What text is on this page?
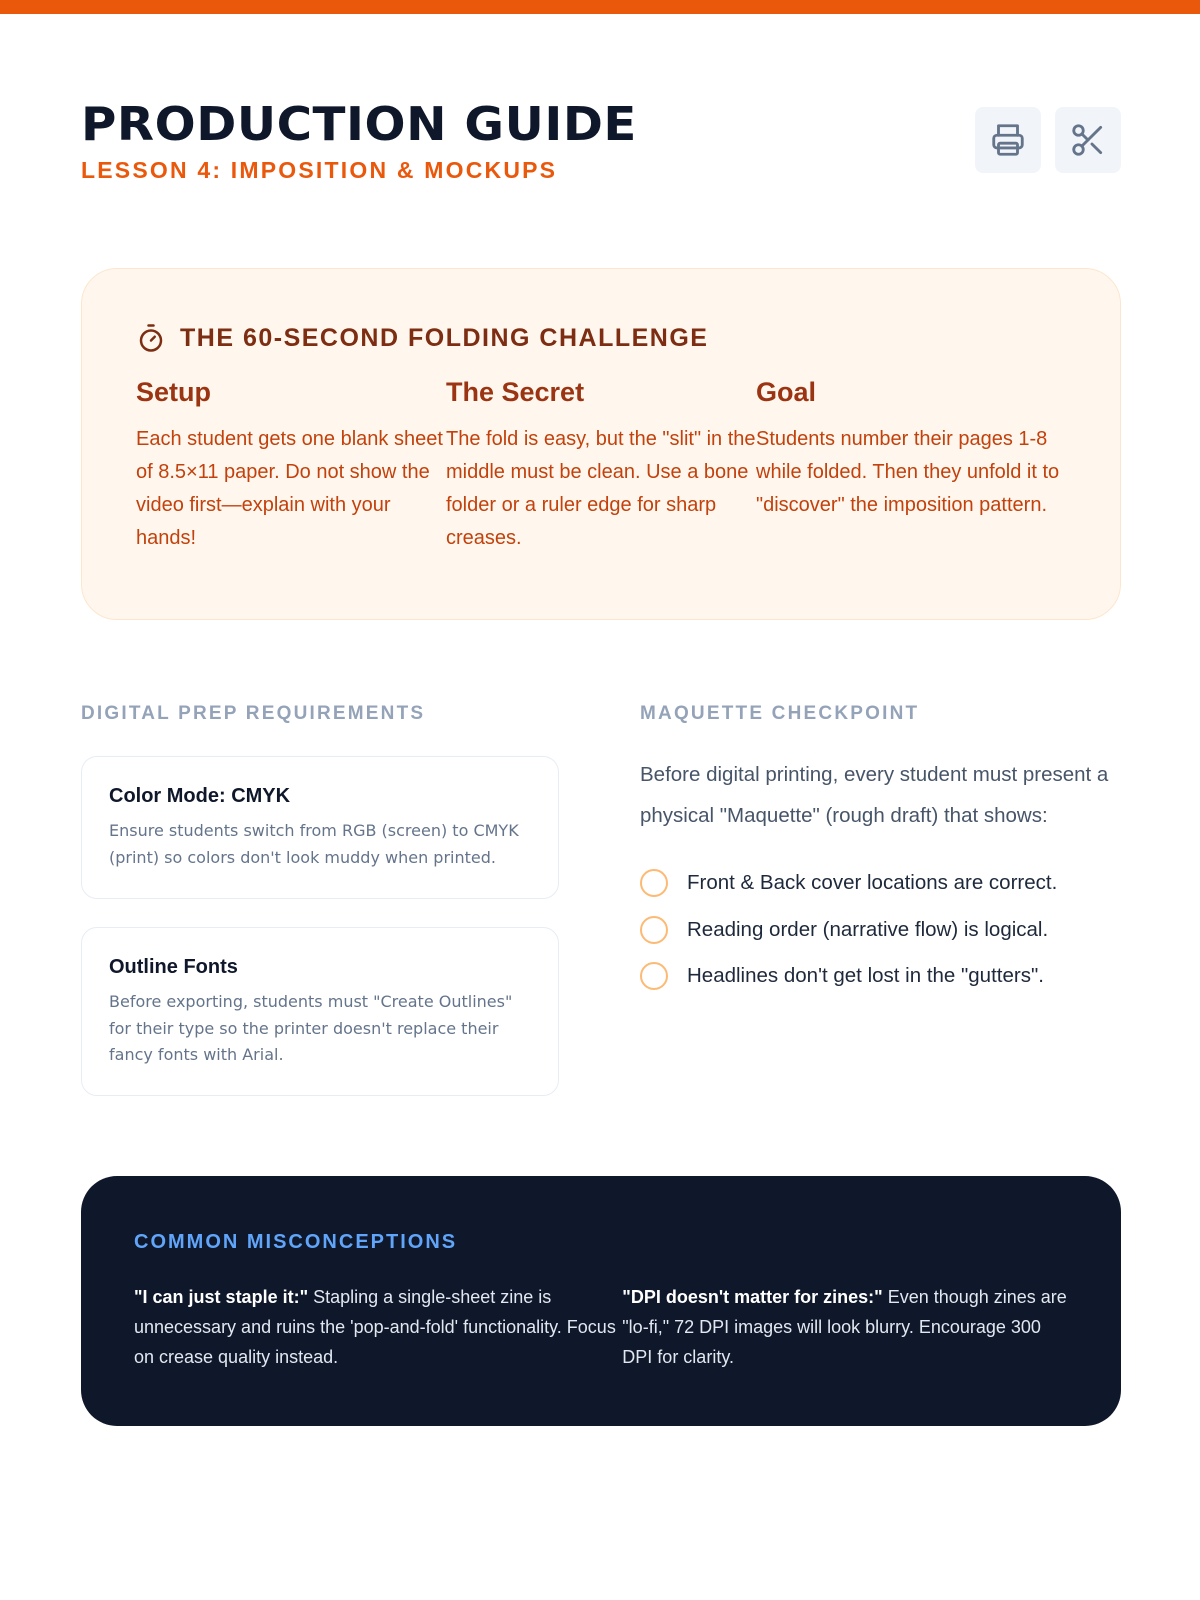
PRODUCTION GUIDE
LESSON 4: IMPOSITION & MOCKUPS
THE 60-SECOND FOLDING CHALLENGE
Setup

Each student gets one blank sheet of 8.5×11 paper. Do not show the video first—explain with your hands!

The Secret

The fold is easy, but the "slit" in the middle must be clean. Use a bone folder or a ruler edge for sharp creases.

Goal

Students number their pages 1-8 while folded. Then they unfold it to "discover" the imposition pattern.

DIGITAL PREP REQUIREMENTS
Color Mode: CMYK

Ensure students switch from RGB (screen) to CMYK (print) so colors don't look muddy when printed.

Outline Fonts

Before exporting, students must "Create Outlines" for their type so the printer doesn't replace their fancy fonts with Arial.

MAQUETTE CHECKPOINT

Before digital printing, every student must present a physical "Maquette" (rough draft) that shows:

Front & Back cover locations are correct.
Reading order (narrative flow) is logical.
Headlines don't get lost in the "gutters".
COMMON MISCONCEPTIONS

"I can just staple it:" Stapling a single-sheet zine is unnecessary and ruins the 'pop-and-fold' functionality. Focus on crease quality instead.

"DPI doesn't matter for zines:" Even though zines are "lo-fi," 72 DPI images will look blurry. Encourage 300 DPI for clarity.
